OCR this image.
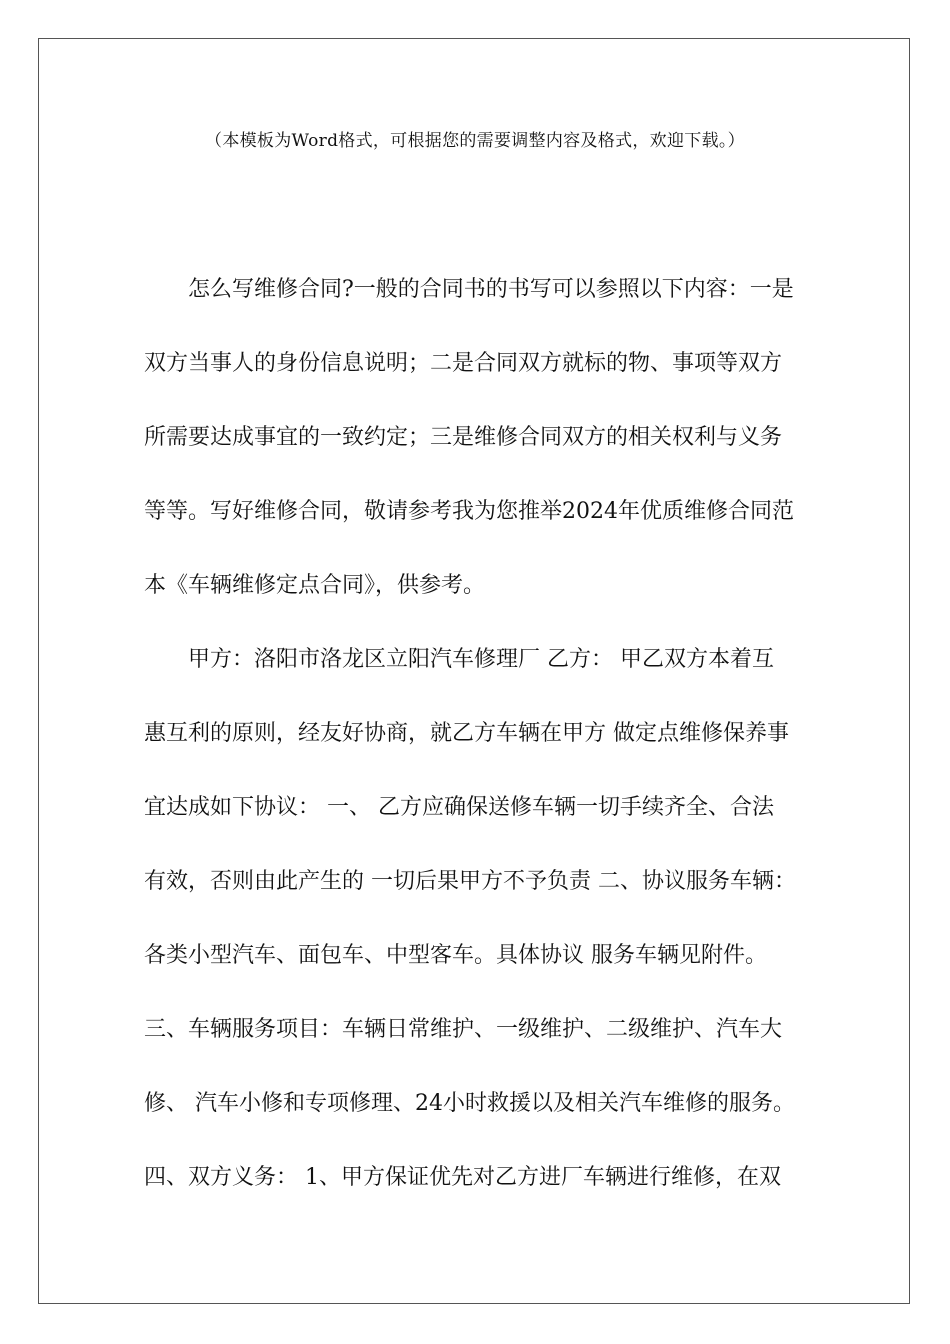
（本模板为Word格式，可根据您的需要调整内容及格式，欢迎下载。）
　　怎么写维修合同?一般的合同书的书写可以参照以下内容：一是
双方当事人的身份信息说明；二是合同双方就标的物、事项等双方
所需要达成事宜的一致约定；三是维修合同双方的相关权利与义务
等等。写好维修合同，敬请参考我为您推举2024年优质维修合同范
本《车辆维修定点合同》，供参考。
　　甲方：洛阳市洛龙区立阳汽车修理厂 乙方： 甲乙双方本着互
惠互利的原则，经友好协商，就乙方车辆在甲方 做定点维修保养事
宜达成如下协议： 一、 乙方应确保送修车辆一切手续齐全、合法
有效，否则由此产生的 一切后果甲方不予负责 二、协议服务车辆：
各类小型汽车、面包车、中型客车。具体协议 服务车辆见附件。
三、车辆服务项目：车辆日常维护、一级维护、二级维护、汽车大
修、 汽车小修和专项修理、24小时救援以及相关汽车维修的服务。
四、双方义务： 1、甲方保证优先对乙方进厂车辆进行维修，在双
